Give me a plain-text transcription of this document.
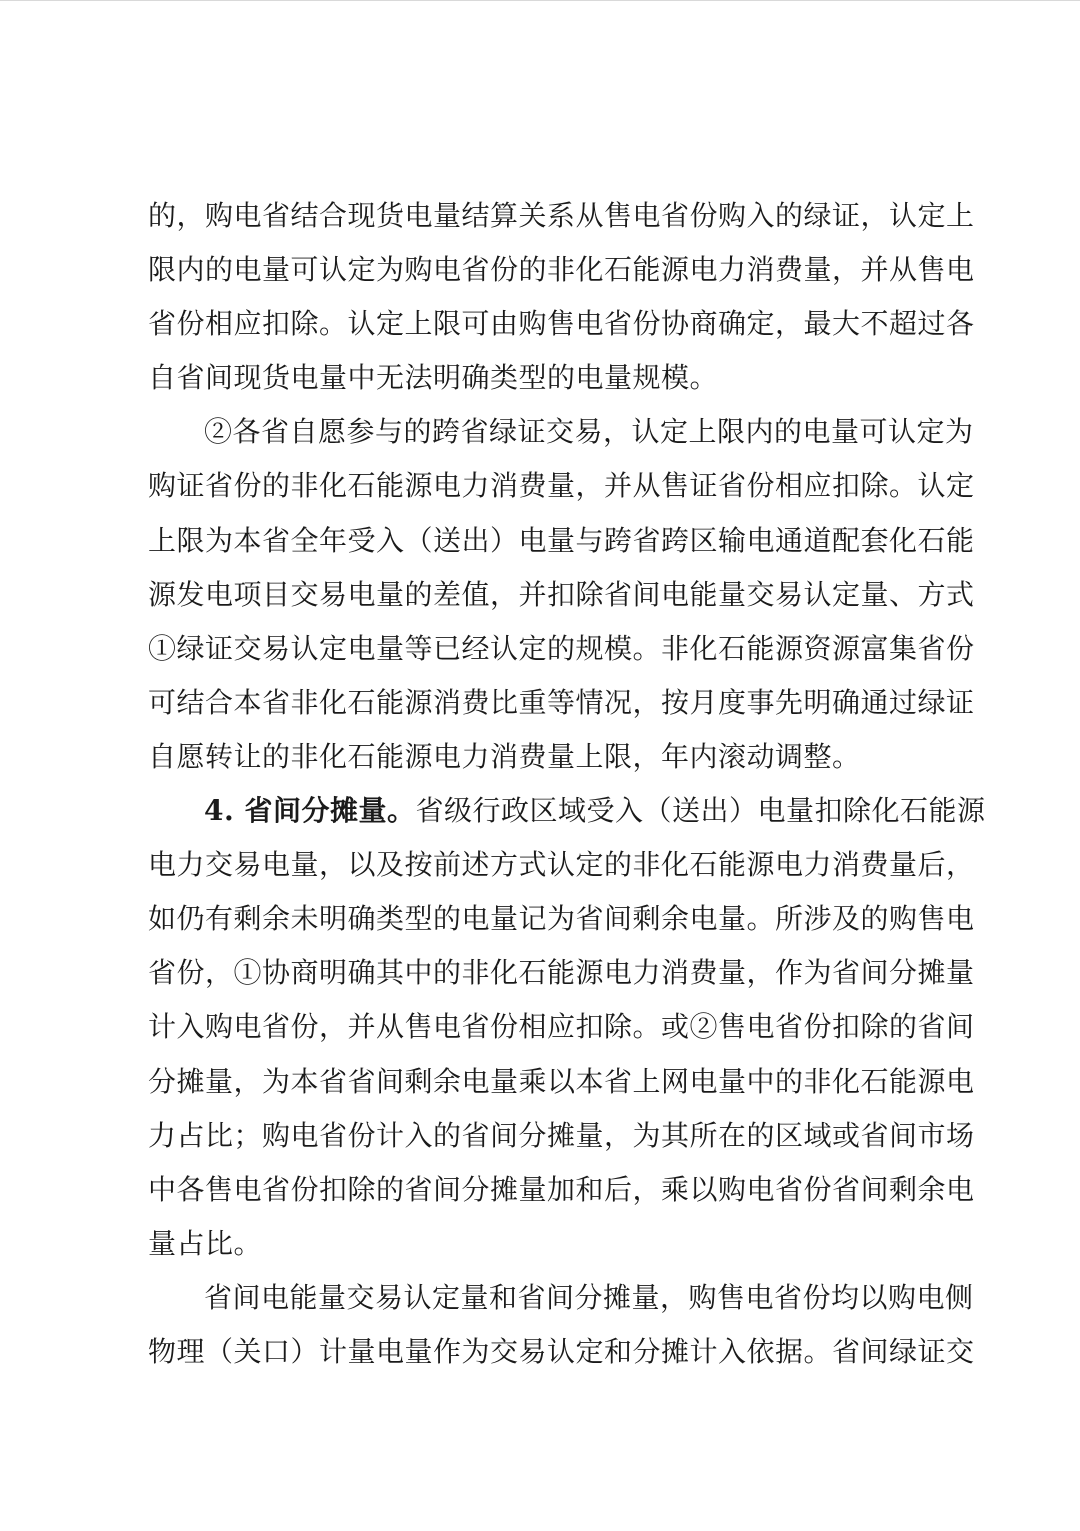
的，购电省结合现货电量结算关系从售电省份购入的绿证，认定上
限内的电量可认定为购电省份的非化石能源电力消费量，并从售电
省份相应扣除。认定上限可由购售电省份协商确定，最大不超过各
自省间现货电量中无法明确类型的电量规模。
②各省自愿参与的跨省绿证交易，认定上限内的电量可认定为
购证省份的非化石能源电力消费量，并从售证省份相应扣除。认定
上限为本省全年受入（送出）电量与跨省跨区输电通道配套化石能
源发电项目交易电量的差值，并扣除省间电能量交易认定量、方式
①绿证交易认定电量等已经认定的规模。非化石能源资源富集省份
可结合本省非化石能源消费比重等情况，按月度事先明确通过绿证
自愿转让的非化石能源电力消费量上限，年内滚动调整。
4. 省间分摊量。省级行政区域受入（送出）电量扣除化石能源
电力交易电量，以及按前述方式认定的非化石能源电力消费量后，
如仍有剩余未明确类型的电量记为省间剩余电量。所涉及的购售电
省份，①协商明确其中的非化石能源电力消费量，作为省间分摊量
计入购电省份，并从售电省份相应扣除。或②售电省份扣除的省间
分摊量，为本省省间剩余电量乘以本省上网电量中的非化石能源电
力占比；购电省份计入的省间分摊量，为其所在的区域或省间市场
中各售电省份扣除的省间分摊量加和后，乘以购电省份省间剩余电
量占比。
省间电能量交易认定量和省间分摊量，购售电省份均以购电侧
物理（关口）计量电量作为交易认定和分摊计入依据。省间绿证交
